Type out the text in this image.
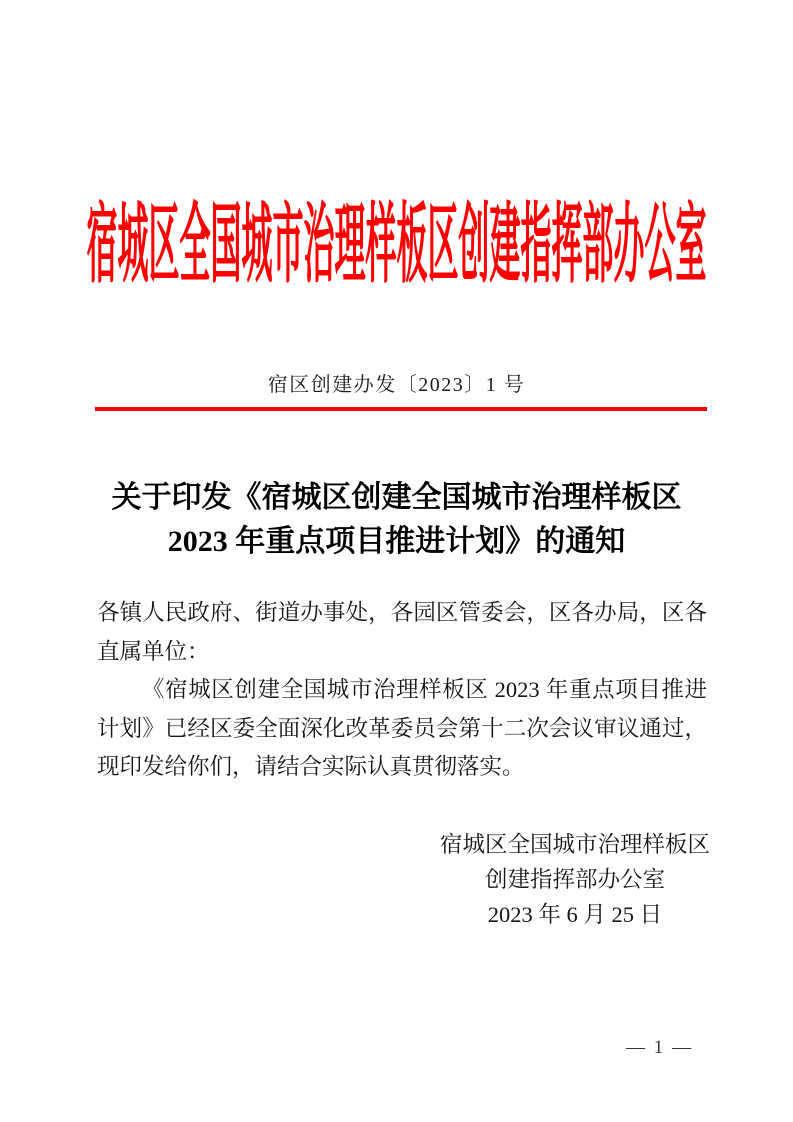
宿城区全国城市治理样板区创建指挥部办公室
宿区创建办发〔2023〕1 号
关于印发《宿城区创建全国城市治理样板区
2023 年重点项目推进计划》的通知

各镇人民政府、街道办事处，各园区管委会，区各办局，区各直属单位：

《宿城区创建全国城市治理样板区 2023 年重点项目推进计划》已经区委全面深化改革委员会第十二次会议审议通过，现印发给你们，请结合实际认真贯彻落实。

宿城区全国城市治理样板区
创建指挥部办公室
2023 年 6 月 25 日
— 1 —
